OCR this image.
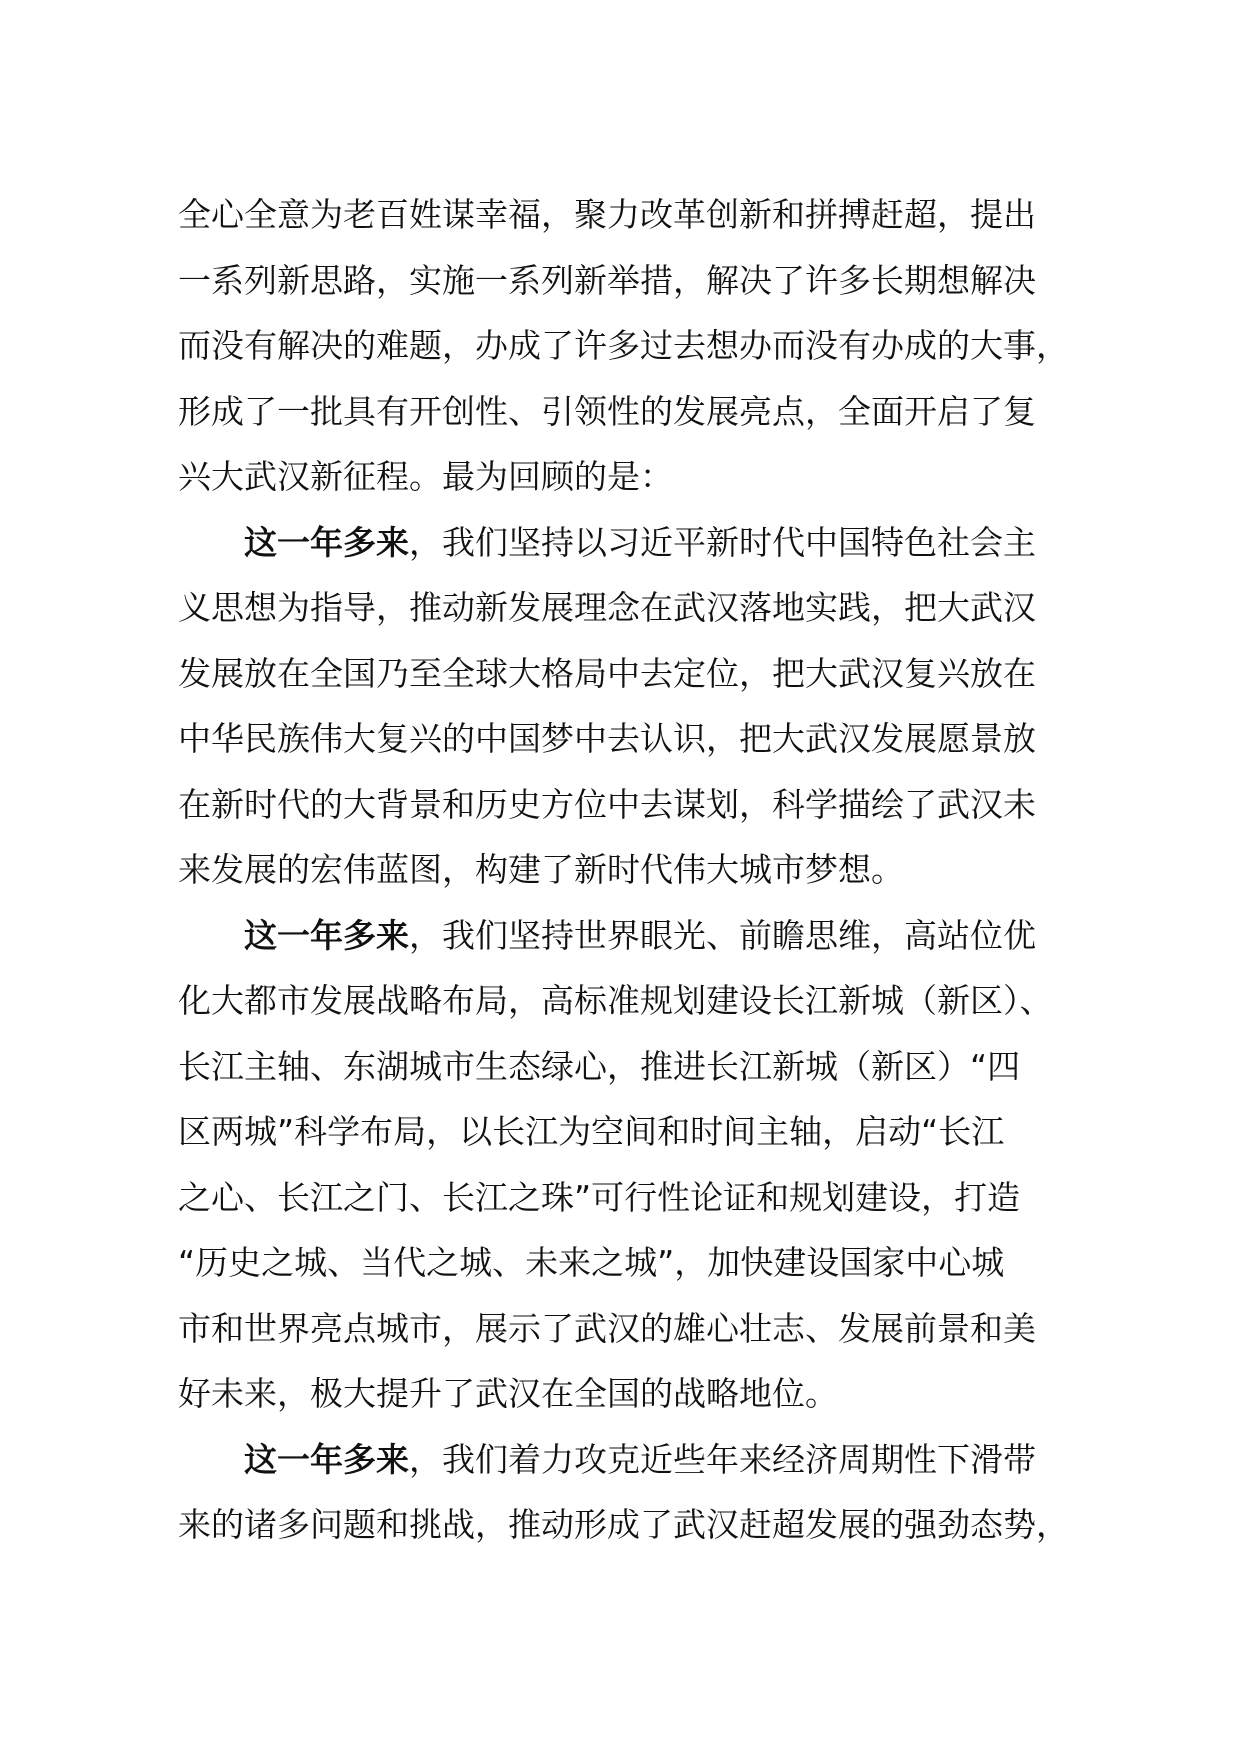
全心全意为老百姓谋幸福，聚力改革创新和拼搏赶超，提出
一系列新思路，实施一系列新举措，解决了许多长期想解决
而没有解决的难题，办成了许多过去想办而没有办成的大事，
形成了一批具有开创性、引领性的发展亮点，全面开启了复
兴大武汉新征程。最为回顾的是：
这一年多来，我们坚持以习近平新时代中国特色社会主
义思想为指导，推动新发展理念在武汉落地实践，把大武汉
发展放在全国乃至全球大格局中去定位，把大武汉复兴放在
中华民族伟大复兴的中国梦中去认识，把大武汉发展愿景放
在新时代的大背景和历史方位中去谋划，科学描绘了武汉未
来发展的宏伟蓝图，构建了新时代伟大城市梦想。
这一年多来，我们坚持世界眼光、前瞻思维，高站位优
化大都市发展战略布局，高标准规划建设长江新城（新区）、
长江主轴、东湖城市生态绿心，推进长江新城（新区）“四
区两城”科学布局，以长江为空间和时间主轴，启动“长江
之心、长江之门、长江之珠”可行性论证和规划建设，打造
“历史之城、当代之城、未来之城”，加快建设国家中心城
市和世界亮点城市，展示了武汉的雄心壮志、发展前景和美
好未来，极大提升了武汉在全国的战略地位。
这一年多来，我们着力攻克近些年来经济周期性下滑带
来的诸多问题和挑战，推动形成了武汉赶超发展的强劲态势，
